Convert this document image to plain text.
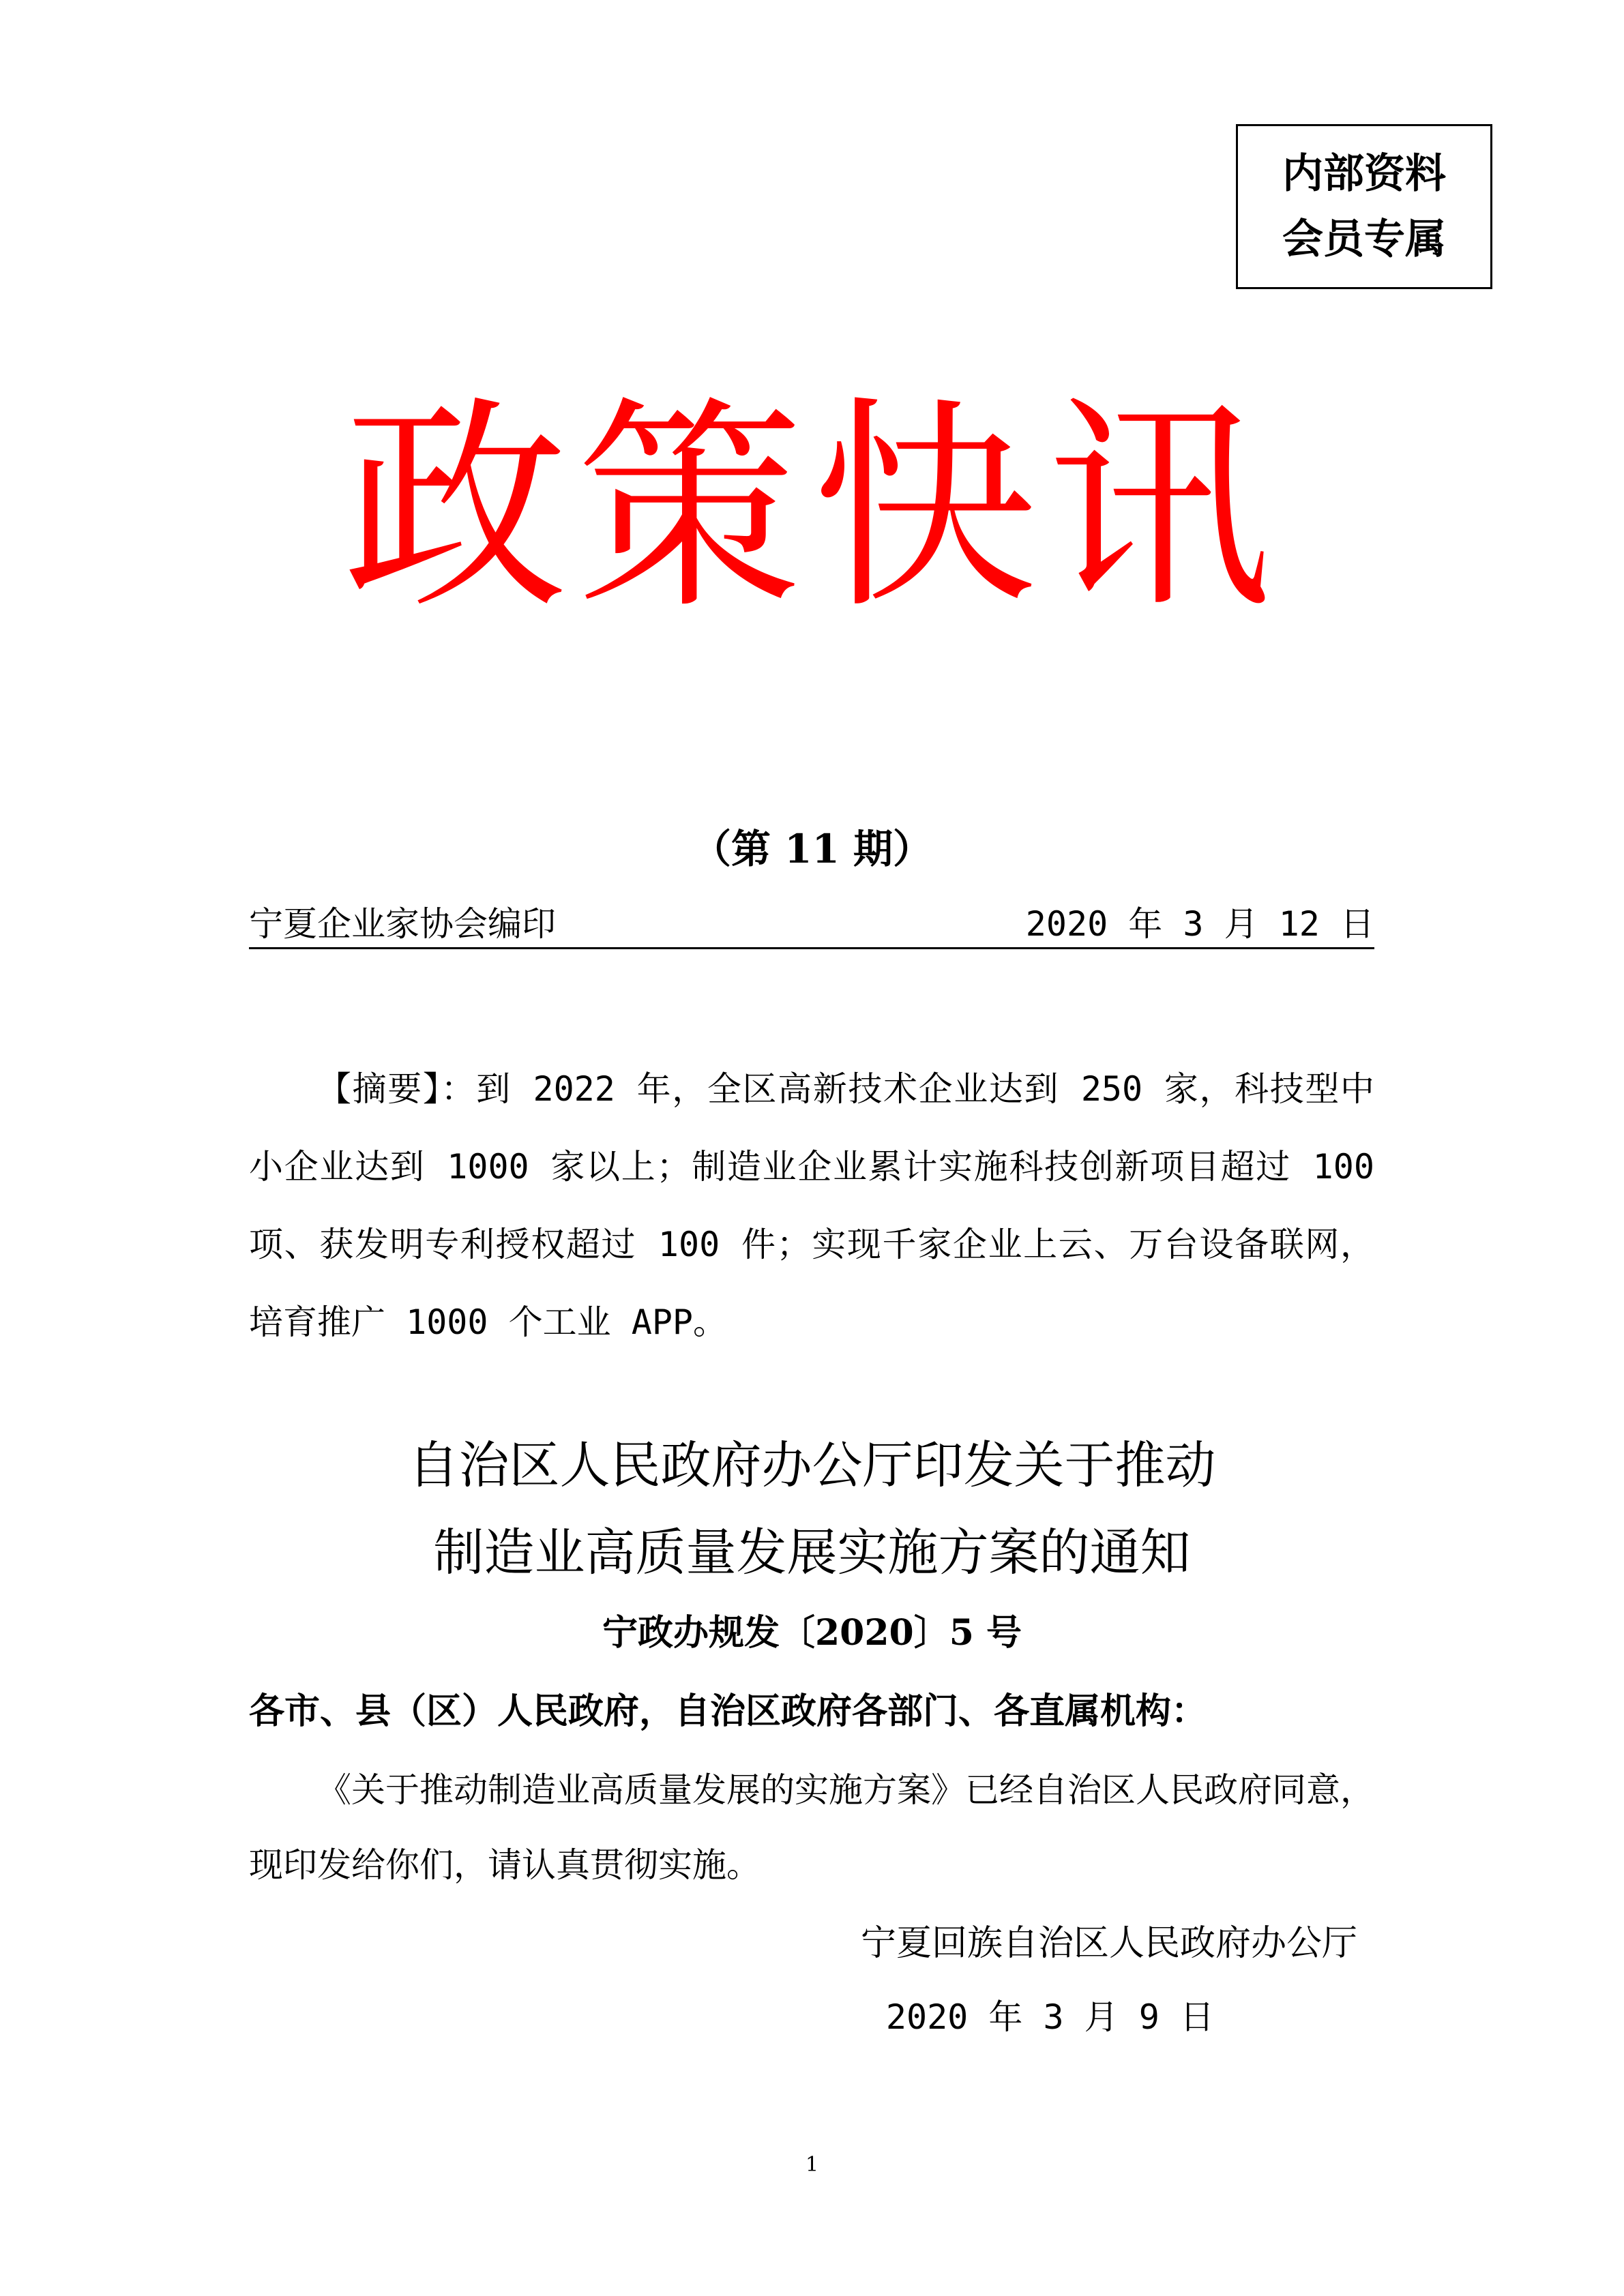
内部资料
会员专属
政策快讯
（第 11 期）
宁夏企业家协会编印	2020 年 3 月 12 日

【摘要】：到 2022 年，全区高新技术企业达到 250 家，科技型中小企业达到 1000 家以上；制造业企业累计实施科技创新项目超过 100 项、获发明专利授权超过 100 件；实现千家企业上云、万台设备联网，培育推广 1000 个工业 APP。

自治区人民政府办公厅印发关于推动
制造业高质量发展实施方案的通知
宁政办规发〔2020〕5 号
各市、县（区）人民政府，自治区政府各部门、各直属机构：

《关于推动制造业高质量发展的实施方案》已经自治区人民政府同意，现印发给你们，请认真贯彻实施。

宁夏回族自治区人民政府办公厅
2020 年 3 月 9 日
1
